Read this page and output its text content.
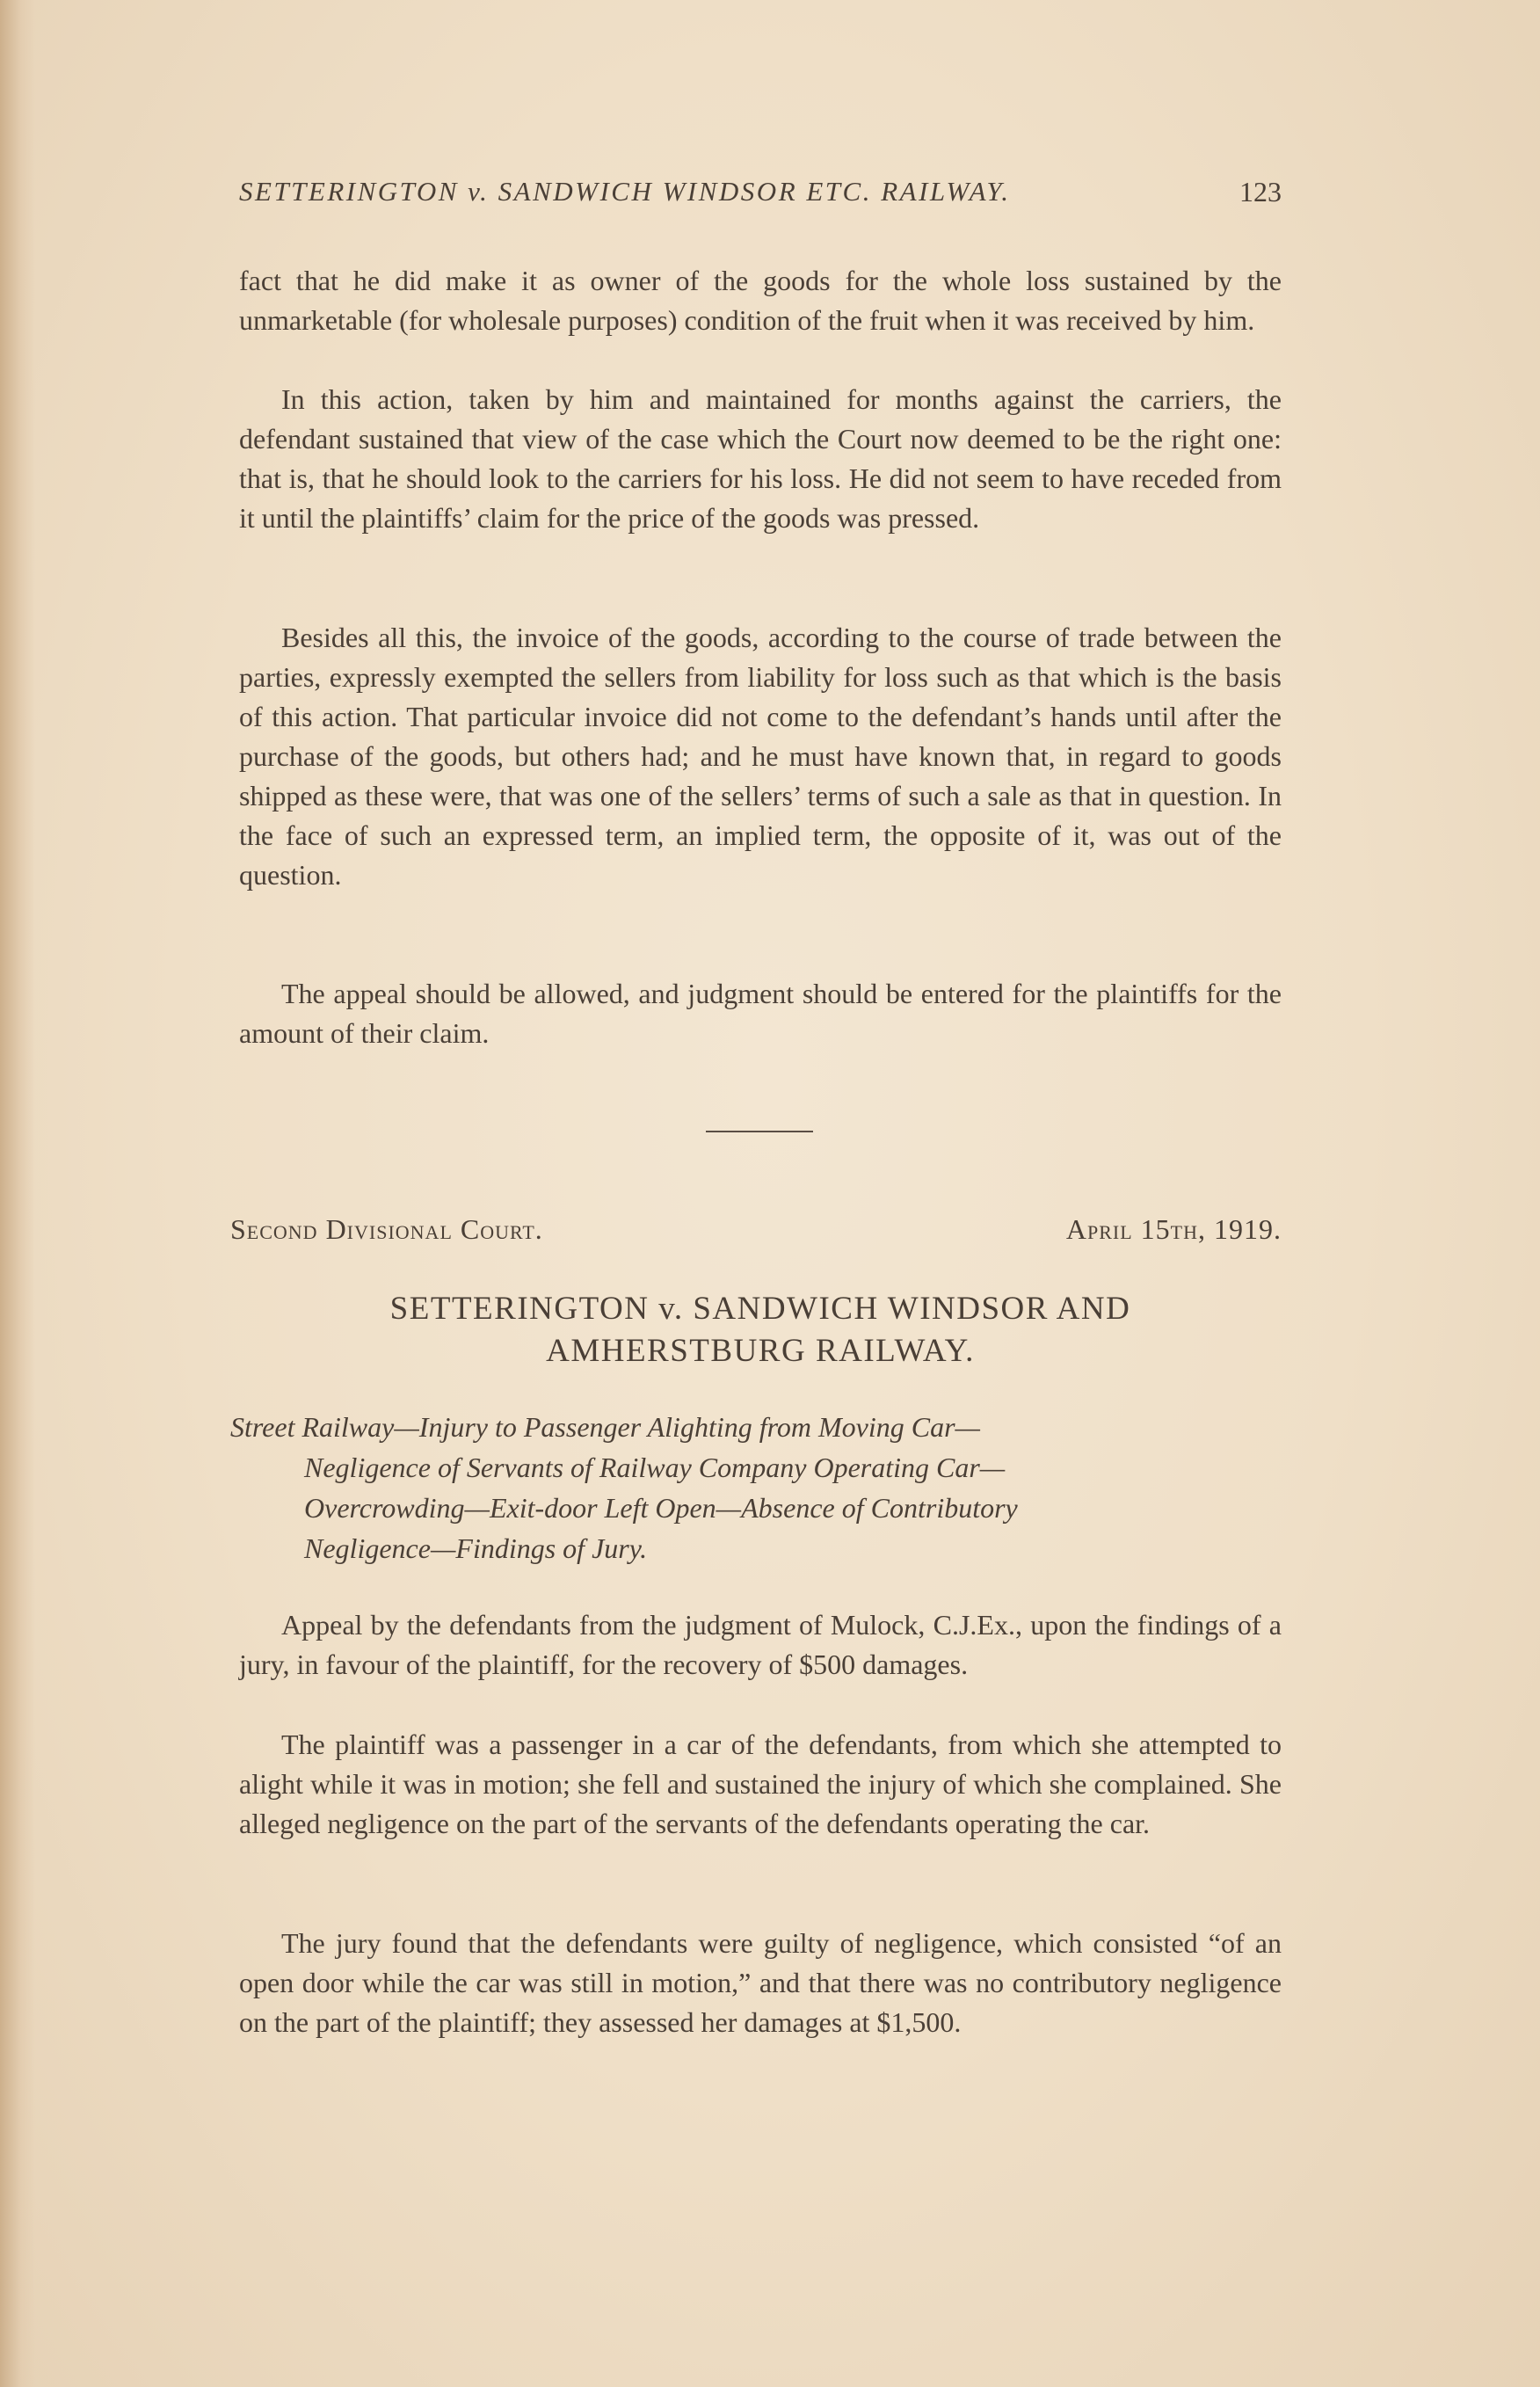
SETTERINGTON v. SANDWICH WINDSOR ETC. RAILWAY.	123

fact that he did make it as owner of the goods for the whole loss sustained by the unmarketable (for wholesale purposes) condition of the fruit when it was received by him.

In this action, taken by him and maintained for months against the carriers, the defendant sustained that view of the case which the Court now deemed to be the right one: that is, that he should look to the carriers for his loss. He did not seem to have receded from it until the plaintiffs’ claim for the price of the goods was pressed.

Besides all this, the invoice of the goods, according to the course of trade between the parties, expressly exempted the sellers from liability for loss such as that which is the basis of this action. That particular invoice did not come to the defendant’s hands until after the purchase of the goods, but others had; and he must have known that, in regard to goods shipped as these were, that was one of the sellers’ terms of such a sale as that in question. In the face of such an expressed term, an implied term, the opposite of it, was out of the question.

The appeal should be allowed, and judgment should be entered for the plaintiffs for the amount of their claim.

Second Divisional Court.	April 15th, 1919.
SETTERINGTON v. SANDWICH WINDSOR AND
AMHERSTBURG RAILWAY.

Street Railway—Injury to Passenger Alighting from Moving Car—
Negligence of Servants of Railway Company Operating Car—
Overcrowding—Exit-door Left Open—Absence of Contributory
Negligence—Findings of Jury.

Appeal by the defendants from the judgment of Mulock, C.J.Ex., upon the findings of a jury, in favour of the plaintiff, for the recovery of $500 damages.

The plaintiff was a passenger in a car of the defendants, from which she attempted to alight while it was in motion; she fell and sustained the injury of which she complained. She alleged negligence on the part of the servants of the defendants operating the car.

The jury found that the defendants were guilty of negligence, which consisted “of an open door while the car was still in motion,” and that there was no contributory negligence on the part of the plaintiff; they assessed her damages at $1,500.
